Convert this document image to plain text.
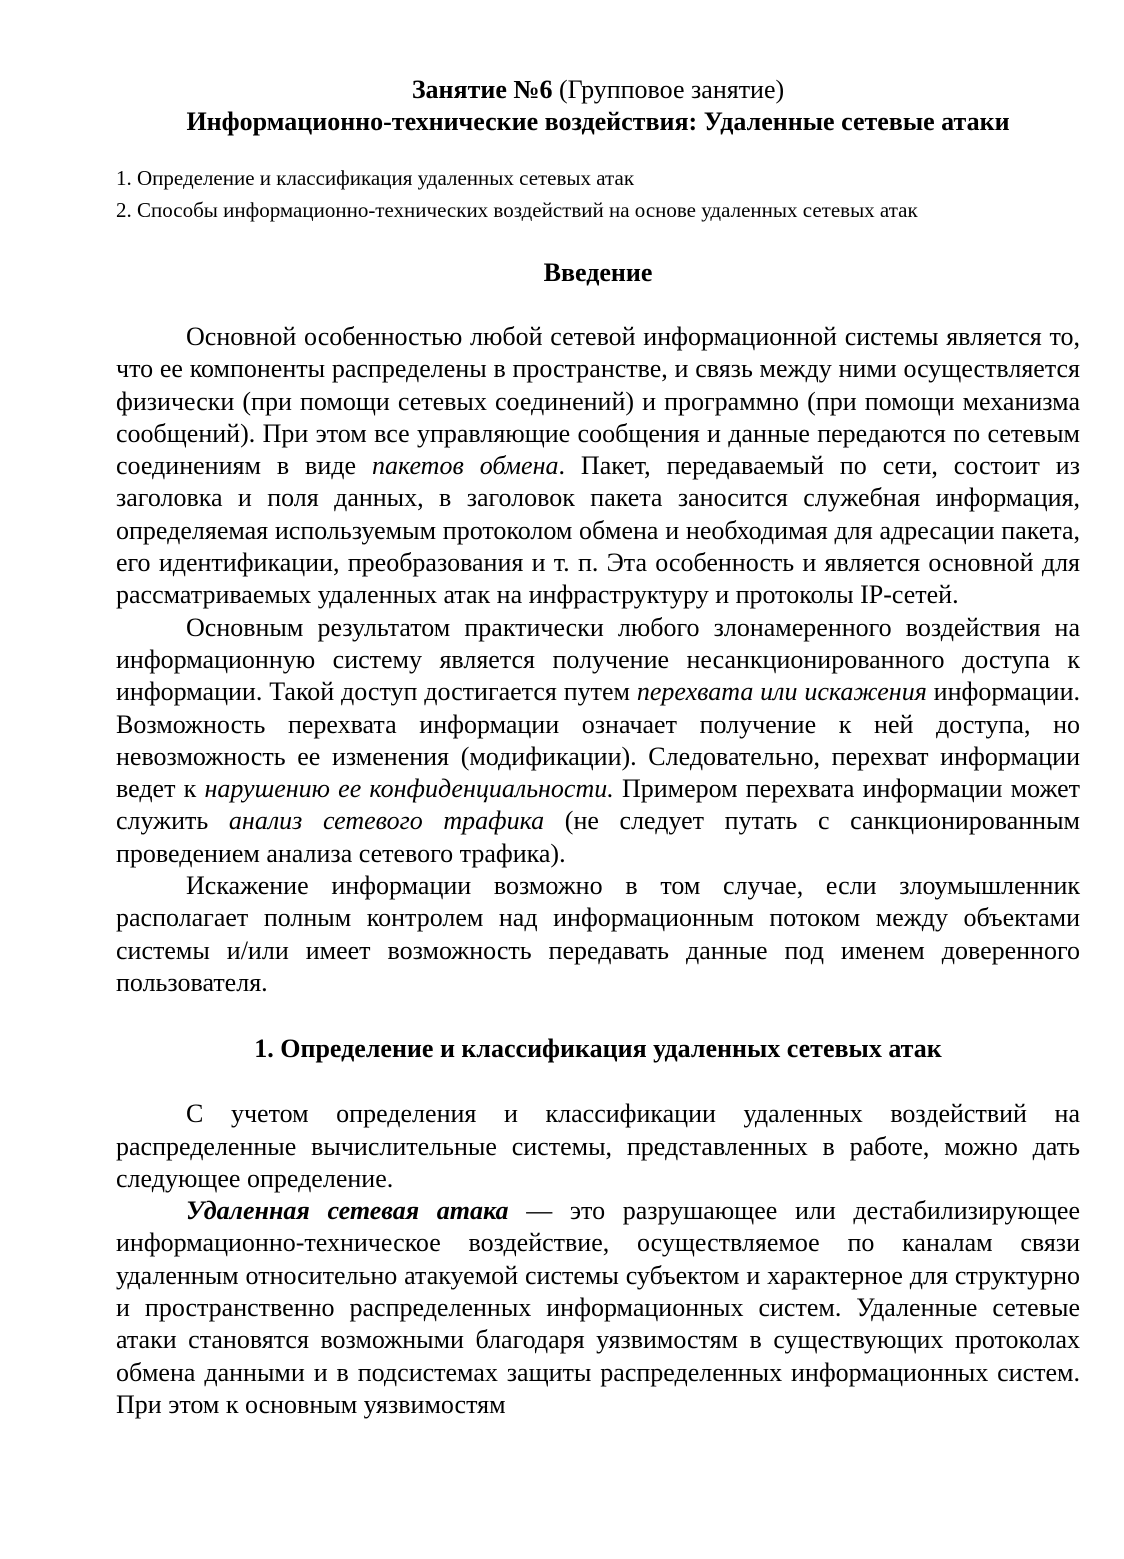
Занятие №6 (Групповое занятие)

Информационно-технические воздействия: Удаленные сетевые атаки

1. Определение и классификация удаленных сетевых атак
2. Способы информационно-технических воздействий на основе удаленных сетевых атак

Введение

Основной особенностью любой сетевой информационной системы является то, что ее компоненты распределены в пространстве, и связь между ними осуществляется физически (при помощи сетевых соединений) и программно (при помощи механизма сообщений). При этом все управляющие сообщения и данные передаются по сетевым соединениям в виде пакетов обмена. Пакет, передаваемый по сети, состоит из заголовка и поля данных, в заголовок пакета заносится служебная информация, определяемая используемым протоколом обмена и необходимая для адресации пакета, его идентификации, преобразования и т. п. Эта особенность и является основной для рассматриваемых удаленных атак на инфраструктуру и протоколы IP-сетей.

Основным результатом практически любого злонамеренного воздействия на информационную систему является получение несанкционированного доступа к информации. Такой доступ достигается путем перехвата или искажения информации. Возможность перехвата информации означает получение к ней доступа, но невозможность ее изменения (модификации). Следовательно, перехват информации ведет к нарушению ее конфиденциальности. Примером перехвата информации может служить анализ сетевого трафика (не следует путать с санкционированным проведением анализа сетевого трафика).

Искажение информации возможно в том случае, если злоумышленник располагает полным контролем над информационным потоком между объектами системы и/или имеет возможность передавать данные под именем доверенного пользователя.

1. Определение и классификация удаленных сетевых атак

С учетом определения и классификации удаленных воздействий на распределенные вычислительные системы, представленных в работе, можно дать следующее определение.

Удаленная сетевая атака — это разрушающее или дестабилизирующее информационно-техническое воздействие, осуществляемое по каналам связи удаленным относительно атакуемой системы субъектом и характерное для структурно и пространственно распределенных информационных систем. Удаленные сетевые атаки становятся возможными благодаря уязвимостям в существующих протоколах обмена данными и в подсистемах защиты распределенных информационных систем. При этом к основным уязвимостям
